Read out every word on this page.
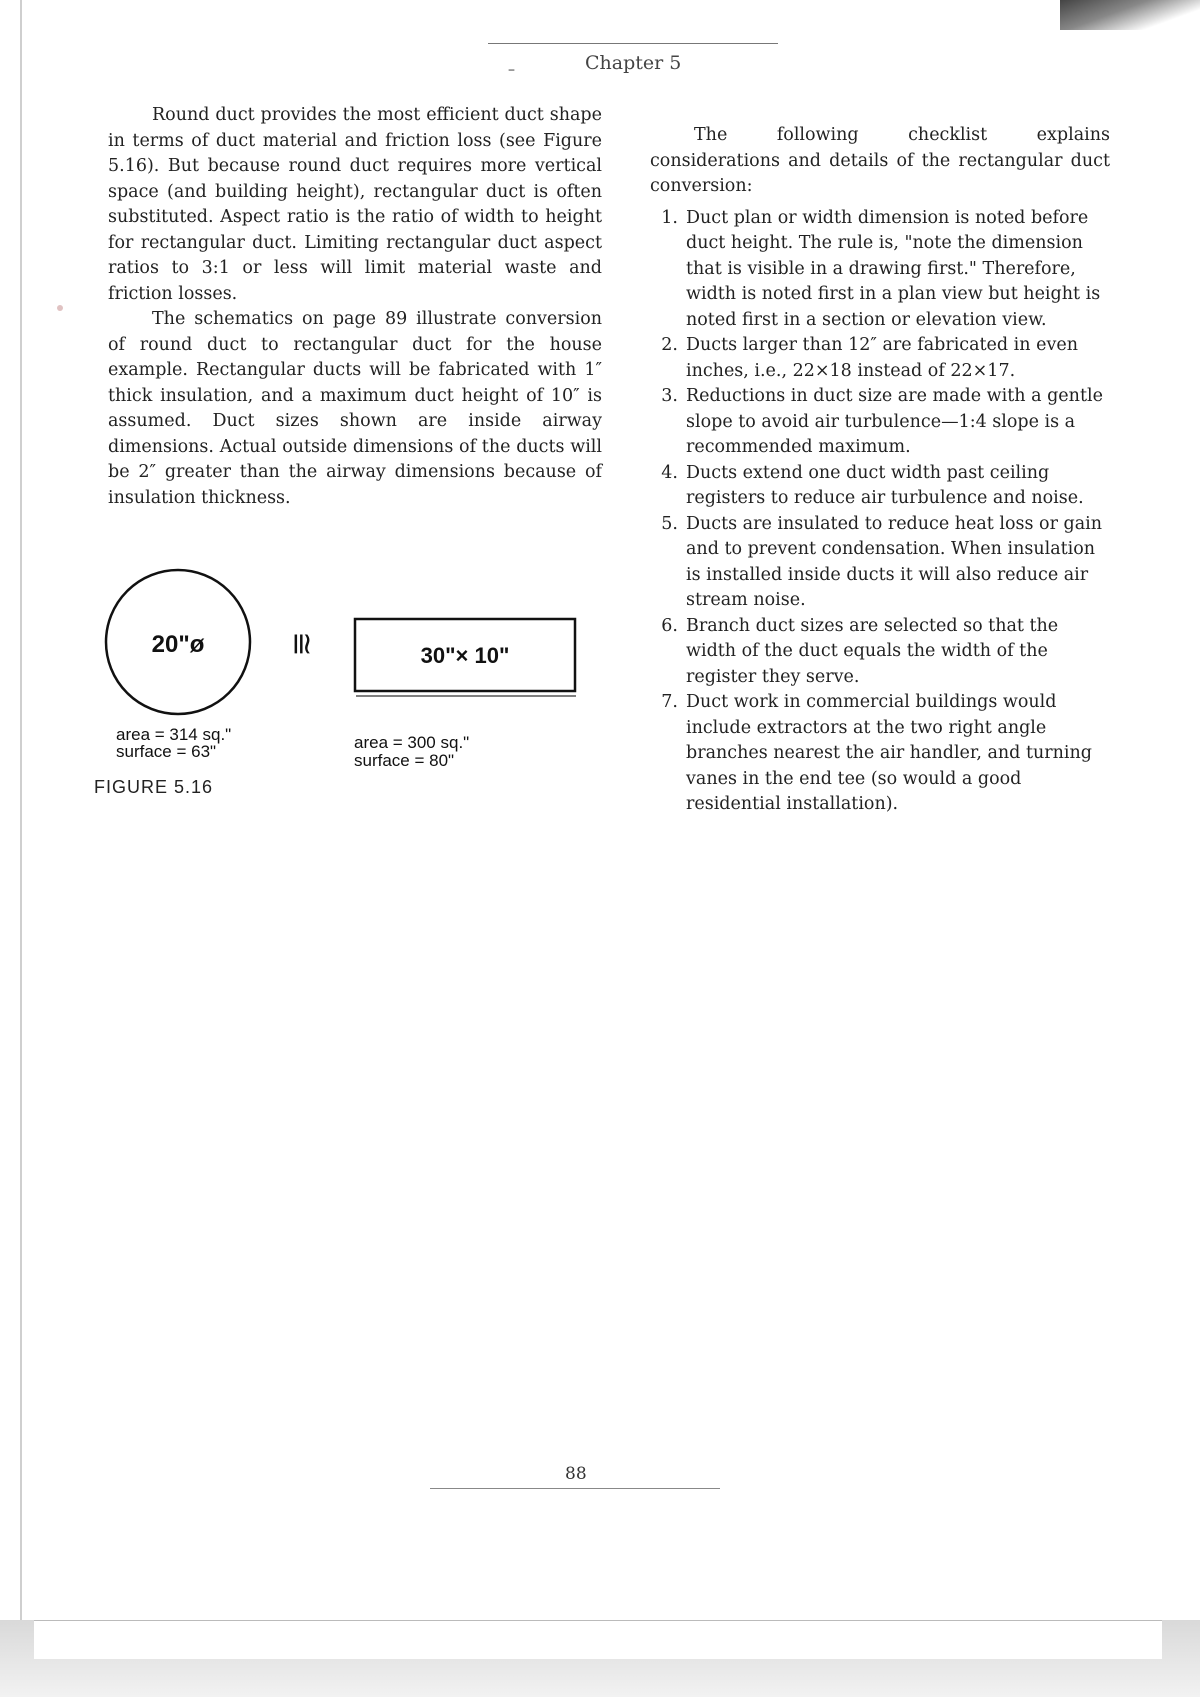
–	Chapter 5

Round duct provides the most efficient duct shape in terms of duct material and friction loss (see Figure 5.16). But because round duct requires more vertical space (and building height), rectangular duct is often substituted. Aspect ratio is the ratio of width to height for rectangular duct. Limiting rectangular duct aspect ratios to 3:1 or less will limit material waste and friction losses.

The schematics on page 89 illustrate conversion of round duct to rectangular duct for the house example. Rectangular ducts will be fabricated with 1″ thick insulation, and a maximum duct height of 10″ is assumed. Duct sizes shown are inside airway dimensions. Actual outside dimensions of the ducts will be 2″ greater than the airway dimensions because of insulation thickness.

The following checklist explains considerations and details of the rectangular duct conversion:

1. Duct plan or width dimension is noted before duct height. The rule is, "note the dimension that is visible in a drawing first." Therefore, width is noted first in a plan view but height is noted first in a section or elevation view.
2. Ducts larger than 12″ are fabricated in even inches, i.e., 22×18 instead of 22×17.
3. Reductions in duct size are made with a gentle slope to avoid air turbulence—1:4 slope is a recommended maximum.
4. Ducts extend one duct width past ceiling registers to reduce air turbulence and noise.
5. Ducts are insulated to reduce heat loss or gain and to prevent condensation. When insulation is installed inside ducts it will also reduce air stream noise.
6. Branch duct sizes are selected so that the width of the duct equals the width of the register they serve.
7. Duct work in commercial buildings would include extractors at the two right angle branches nearest the air handler, and turning vanes in the end tee (so would a good residential installation).
20"ø	30"× 10"
≅
area = 314 sq."
surface = 63"	area = 300 sq."
surface = 80"
FIGURE 5.16
88
